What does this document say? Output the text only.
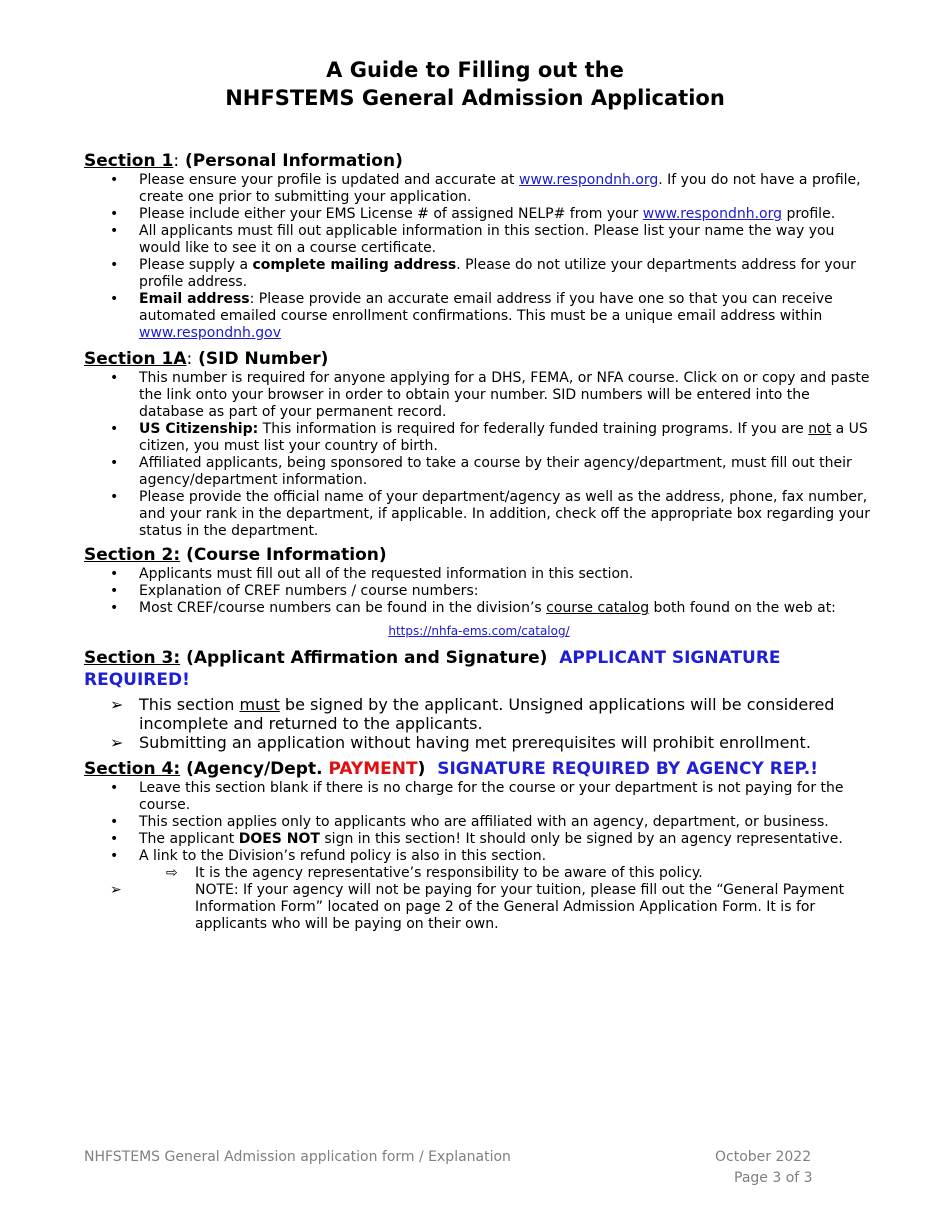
A Guide to Filling out the
NHFSTEMS General Admission Application
Section 1: (Personal Information)
• Please ensure your profile is updated and accurate at www.respondnh.org. If you do not have a profile, create one prior to submitting your application.
• Please include either your EMS License # of assigned NELP# from your www.respondnh.org profile.
• All applicants must fill out applicable information in this section. Please list your name the way you would like to see it on a course certificate.
• Please supply a complete mailing address. Please do not utilize your departments address for your profile address.
• Email address: Please provide an accurate email address if you have one so that you can receive automated emailed course enrollment confirmations. This must be a unique email address within www.respondnh.gov
Section 1A: (SID Number)
• This number is required for anyone applying for a DHS, FEMA, or NFA course. Click on or copy and paste the link onto your browser in order to obtain your number. SID numbers will be entered into the database as part of your permanent record.
• US Citizenship: This information is required for federally funded training programs. If you are not a US citizen, you must list your country of birth.
• Affiliated applicants, being sponsored to take a course by their agency/department, must fill out their agency/department information.
• Please provide the official name of your department/agency as well as the address, phone, fax number, and your rank in the department, if applicable. In addition, check off the appropriate box regarding your status in the department.
Section 2: (Course Information)
• Applicants must fill out all of the requested information in this section.
• Explanation of CREF numbers / course numbers:
• Most CREF/course numbers can be found in the division’s course catalog both found on the web at:
https://nhfa-ems.com/catalog/
Section 3: (Applicant Affirmation and Signature) APPLICANT SIGNATURE REQUIRED!
➢ This section must be signed by the applicant. Unsigned applications will be considered incomplete and returned to the applicants.
➢ Submitting an application without having met prerequisites will prohibit enrollment.
Section 4: (Agency/Dept. PAYMENT) SIGNATURE REQUIRED BY AGENCY REP.!
• Leave this section blank if there is no charge for the course or your department is not paying for the course.
• This section applies only to applicants who are affiliated with an agency, department, or business.
• The applicant DOES NOT sign in this section! It should only be signed by an agency representative.
• A link to the Division’s refund policy is also in this section.
⇨ It is the agency representative’s responsibility to be aware of this policy.
➢	NOTE: If your agency will not be paying for your tuition, please fill out the “General Payment Information Form” located on page 2 of the General Admission Application Form. It is for applicants who will be paying on their own.
NHFSTEMS General Admission application form / Explanation	October 2022
Page 3 of 3
